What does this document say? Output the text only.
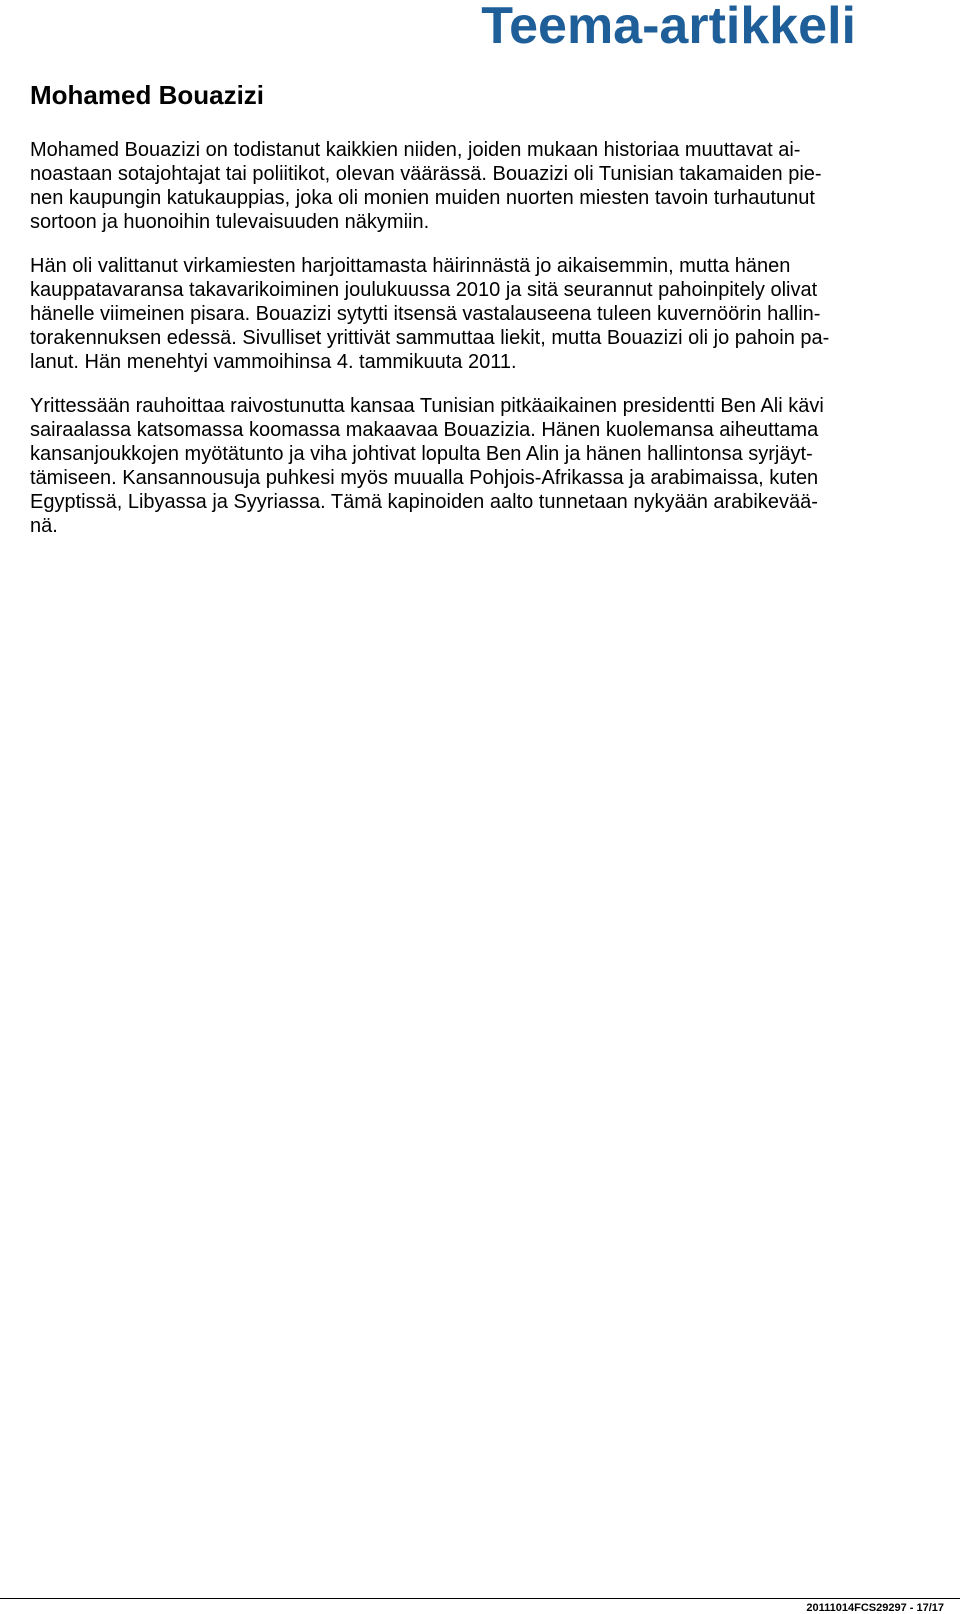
Teema-artikkeli
Mohamed Bouazizi

Mohamed Bouazizi on todistanut kaikkien niiden, joiden mukaan historiaa muuttavat ai-
noastaan sotajohtajat tai poliitikot, olevan väärässä. Bouazizi oli Tunisian takamaiden pie-
nen kaupungin katukauppias, joka oli monien muiden nuorten miesten tavoin turhautunut
sortoon ja huonoihin tulevaisuuden näkymiin.

Hän oli valittanut virkamiesten harjoittamasta häirinnästä jo aikaisemmin, mutta hänen
kauppatavaransa takavarikoiminen joulukuussa 2010 ja sitä seurannut pahoinpitely olivat
hänelle viimeinen pisara. Bouazizi sytytti itsensä vastalauseena tuleen kuvernöörin hallin-
torakennuksen edessä. Sivulliset yrittivät sammuttaa liekit, mutta Bouazizi oli jo pahoin pa-
lanut. Hän menehtyi vammoihinsa 4. tammikuuta 2011.

Yrittessään rauhoittaa raivostunutta kansaa Tunisian pitkäaikainen presidentti Ben Ali kävi
sairaalassa katsomassa koomassa makaavaa Bouazizia. Hänen kuolemansa aiheuttama
kansanjoukkojen myötätunto ja viha johtivat lopulta Ben Alin ja hänen hallintonsa syrjäyt-
tämiseen. Kansannousuja puhkesi myös muualla Pohjois-Afrikassa ja arabimaissa, kuten
Egyptissä, Libyassa ja Syyriassa. Tämä kapinoiden aalto tunnetaan nykyään arabikevää-
nä.

20111014FCS29297 - 17/17
